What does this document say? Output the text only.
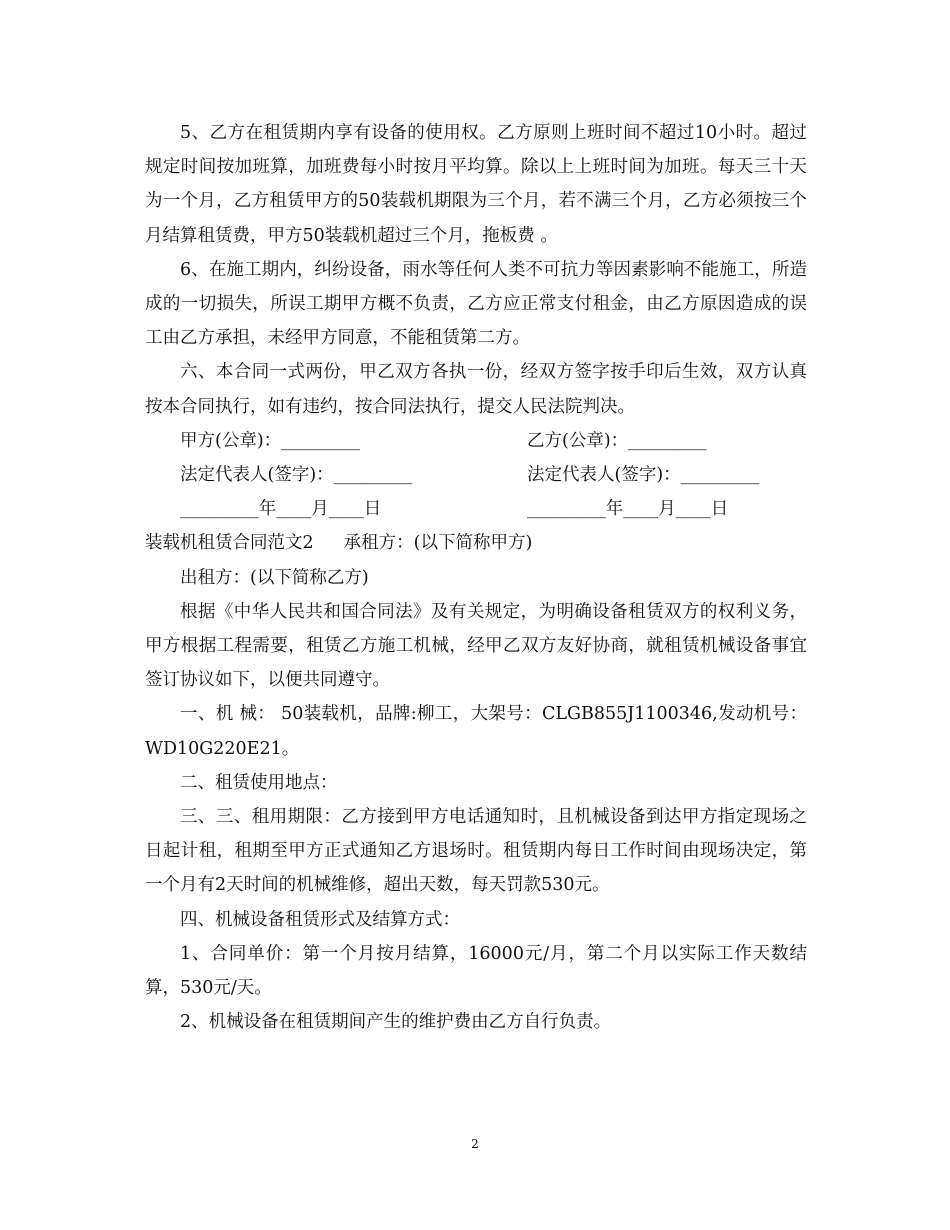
5、乙方在租赁期内享有设备的使用权。乙方原则上班时间不超过10小时。超过规定时间按加班算，加班费每小时按月平均算。除以上上班时间为加班。每天三十天为一个月，乙方租赁甲方的50装载机期限为三个月，若不满三个月，乙方必须按三个月结算租赁费，甲方50装载机超过三个月，拖板费 。

6、在施工期内，纠纷设备，雨水等任何人类不可抗力等因素影响不能施工，所造成的一切损失，所误工期甲方概不负责，乙方应正常支付租金，由乙方原因造成的误工由乙方承担，未经甲方同意，不能租赁第二方。

六、本合同一式两份，甲乙双方各执一份，经双方签字按手印后生效，双方认真按本合同执行，如有违约，按合同法执行，提交人民法院判决。

甲方(公章)：_________	乙方(公章)：_________
法定代表人(签字)：_________	法定代表人(签字)：_________
_________年____月____日	_________年____月____日

装载机租赁合同范文2 承租方：(以下简称甲方)

出租方：(以下简称乙方)

根据《中华人民共和国合同法》及有关规定，为明确设备租赁双方的权利义务，甲方根据工程需要，租赁乙方施工机械，经甲乙双方友好协商，就租赁机械设备事宜签订协议如下，以便共同遵守。

一、机 械： 50装载机，品牌:柳工，大架号：CLGB855J1100346,发动机号：WD10G220E21。

二、租赁使用地点：

三、三、租用期限：乙方接到甲方电话通知时，且机械设备到达甲方指定现场之日起计租，租期至甲方正式通知乙方退场时。租赁期内每日工作时间由现场决定，第一个月有2天时间的机械维修，超出天数，每天罚款530元。

四、机械设备租赁形式及结算方式：

1、合同单价：第一个月按月结算，16000元/月，第二个月以实际工作天数结算，530元/天。

2、机械设备在租赁期间产生的维护费由乙方自行负责。

2
